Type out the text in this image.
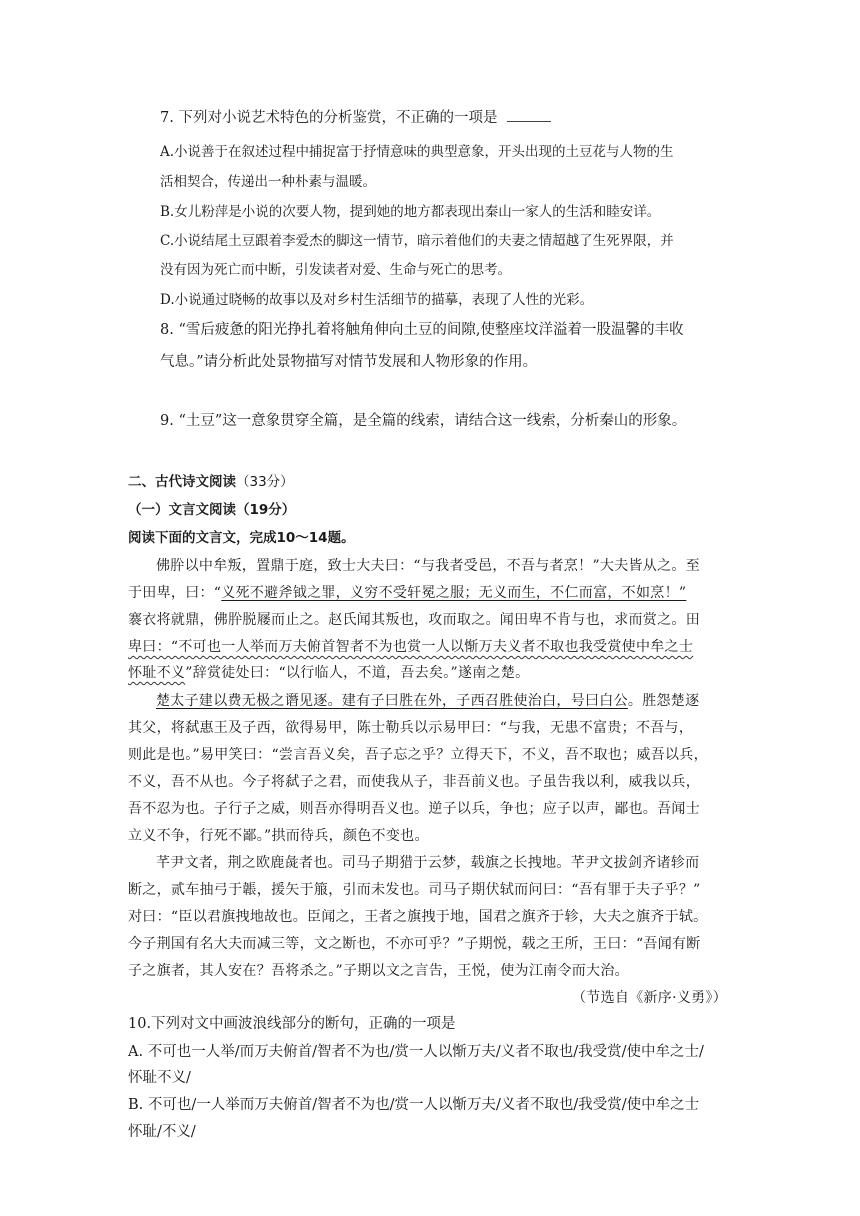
7. 下列对小说艺术特色的分析鉴赏，不正确的一项是
A.小说善于在叙述过程中捕捉富于抒情意味的典型意象，开头出现的土豆花与人物的生
活相契合，传递出一种朴素与温暖。
B.女儿粉萍是小说的次要人物，提到她的地方都表现出秦山一家人的生活和睦安详。
C.小说结尾土豆跟着李爱杰的脚这一情节，暗示着他们的夫妻之情超越了生死界限，并
没有因为死亡而中断，引发读者对爱、生命与死亡的思考。
D.小说通过晓畅的故事以及对乡村生活细节的描摹，表现了人性的光彩。
8. “雪后疲惫的阳光挣扎着将触角伸向土豆的间隙,使整座坟洋溢着一股温馨的丰收
气息。”请分析此处景物描写对情节发展和人物形象的作用。
9. “土豆”这一意象贯穿全篇，是全篇的线索，请结合这一线索，分析秦山的形象。
二、古代诗文阅读（33分）
（一）文言文阅读（19分）
阅读下面的文言文，完成10～14题。
佛肸以中牟叛，置鼎于庭，致士大夫曰：“与我者受邑，不吾与者烹！”大夫皆从之。至
于田卑，曰：“义死不避斧钺之罪，义穷不受轩冕之服；无义而生，不仁而富，不如烹！”
褰衣将就鼎，佛肸脱屦而止之。赵氏闻其叛也，攻而取之。闻田卑不肯与也，求而赏之。田
卑曰：“不可也一人举而万夫俯首智者不为也赏一人以惭万夫义者不取也我受赏使中牟之士
怀耻不义”辞赏徒处曰：“以行临人，不道，吾去矣。”遂南之楚。
楚太子建以费无极之谮见逐。建有子曰胜在外，子西召胜使治白，号曰白公。胜怨楚逐
其父，将弑惠王及子西，欲得易甲，陈士勒兵以示易甲曰：“与我，无患不富贵；不吾与，
则此是也。”易甲笑曰：“尝言吾义矣，吾子忘之乎？立得天下，不义，吾不取也；威吾以兵，
不义，吾不从也。今子将弑子之君，而使我从子，非吾前义也。子虽告我以利，威我以兵，
吾不忍为也。子行子之威，则吾亦得明吾义也。逆子以兵，争也；应子以声，鄙也。吾闻士
立义不争，行死不鄙。”拱而待兵，颜色不变也。
芊尹文者，荆之欧鹿彘者也。司马子期猎于云梦，载旗之长拽地。芊尹文拔剑齐诸轸而
断之，贰车抽弓于韔，援矢于箙，引而未发也。司马子期伏轼而问曰：“吾有罪于夫子乎？”
对曰：“臣以君旗拽地故也。臣闻之，王者之旗拽于地，国君之旗齐于轸，大夫之旗齐于轼。
今子荆国有名大夫而减三等，文之断也，不亦可乎？”子期悦，载之王所，王曰：“吾闻有断
子之旗者，其人安在？吾将杀之。”子期以文之言告，王悦，使为江南令而大治。
（节选自《新序·义勇》）
10.下列对文中画波浪线部分的断句，正确的一项是
A. 不可也一人举/而万夫俯首/智者不为也/赏一人以惭万夫/义者不取也/我受赏/使中牟之士/
怀耻不义/
B. 不可也/一人举而万夫俯首/智者不为也/赏一人以惭万夫/义者不取也/我受赏/使中牟之士
怀耻/不义/
